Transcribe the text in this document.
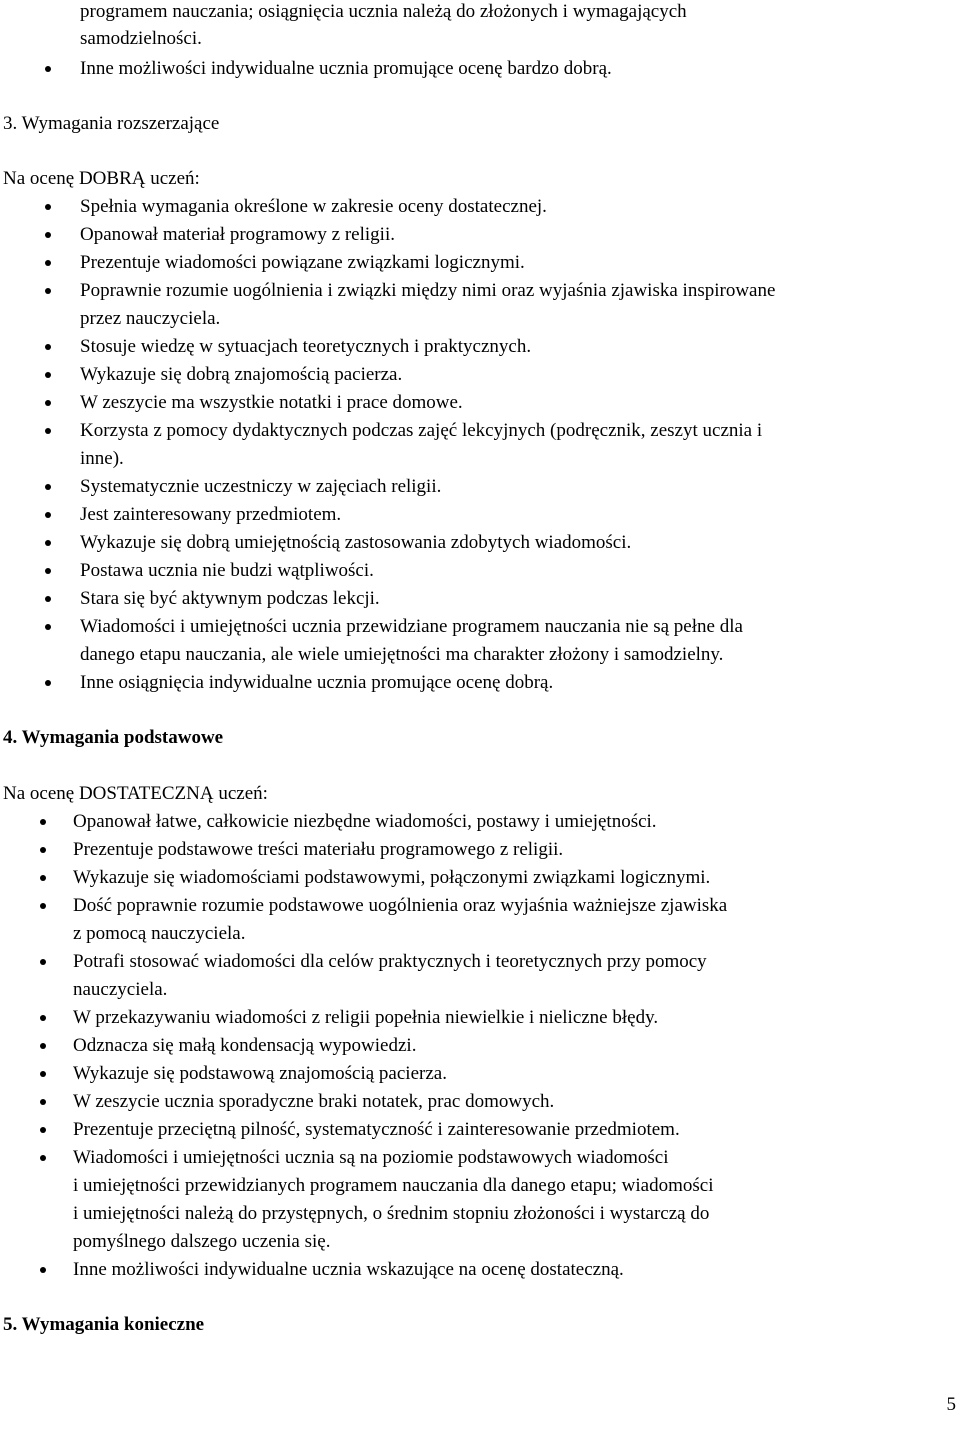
programem nauczania; osiągnięcia ucznia należą do złożonych i wymagających
samodzielności.
Inne możliwości indywidualne ucznia promujące ocenę bardzo dobrą.
3. Wymagania rozszerzające
Na ocenę DOBRĄ uczeń:
Spełnia wymagania określone w zakresie oceny dostatecznej.
Opanował materiał programowy z religii.
Prezentuje wiadomości powiązane związkami logicznymi.
Poprawnie rozumie uogólnienia i związki między nimi oraz wyjaśnia zjawiska inspirowane
przez nauczyciela.
Stosuje wiedzę w sytuacjach teoretycznych i praktycznych.
Wykazuje się dobrą znajomością pacierza.
W zeszycie ma wszystkie notatki i prace domowe.
Korzysta z pomocy dydaktycznych podczas zajęć lekcyjnych (podręcznik, zeszyt ucznia i
inne).
Systematycznie uczestniczy w zajęciach religii.
Jest zainteresowany przedmiotem.
Wykazuje się dobrą umiejętnością zastosowania zdobytych wiadomości.
Postawa ucznia nie budzi wątpliwości.
Stara się być aktywnym podczas lekcji.
Wiadomości i umiejętności ucznia przewidziane programem nauczania nie są pełne dla
danego etapu nauczania, ale wiele umiejętności ma charakter złożony i samodzielny.
Inne osiągnięcia indywidualne ucznia promujące ocenę dobrą.
4. Wymagania podstawowe
Na ocenę DOSTATECZNĄ uczeń:
Opanował łatwe, całkowicie niezbędne wiadomości, postawy i umiejętności.
Prezentuje podstawowe treści materiału programowego z religii.
Wykazuje się wiadomościami podstawowymi, połączonymi związkami logicznymi.
Dość poprawnie rozumie podstawowe uogólnienia oraz wyjaśnia ważniejsze zjawiska
z pomocą nauczyciela.
Potrafi stosować wiadomości dla celów praktycznych i teoretycznych przy pomocy
nauczyciela.
W przekazywaniu wiadomości z religii popełnia niewielkie i nieliczne błędy.
Odznacza się małą kondensacją wypowiedzi.
Wykazuje się podstawową znajomością pacierza.
W zeszycie ucznia sporadyczne braki notatek, prac domowych.
Prezentuje przeciętną pilność, systematyczność i zainteresowanie przedmiotem.
Wiadomości i umiejętności ucznia są na poziomie podstawowych wiadomości
i umiejętności przewidzianych programem nauczania dla danego etapu; wiadomości
i umiejętności należą do przystępnych, o średnim stopniu złożoności i wystarczą do
pomyślnego dalszego uczenia się.
Inne możliwości indywidualne ucznia wskazujące na ocenę dostateczną.
5. Wymagania konieczne
5
